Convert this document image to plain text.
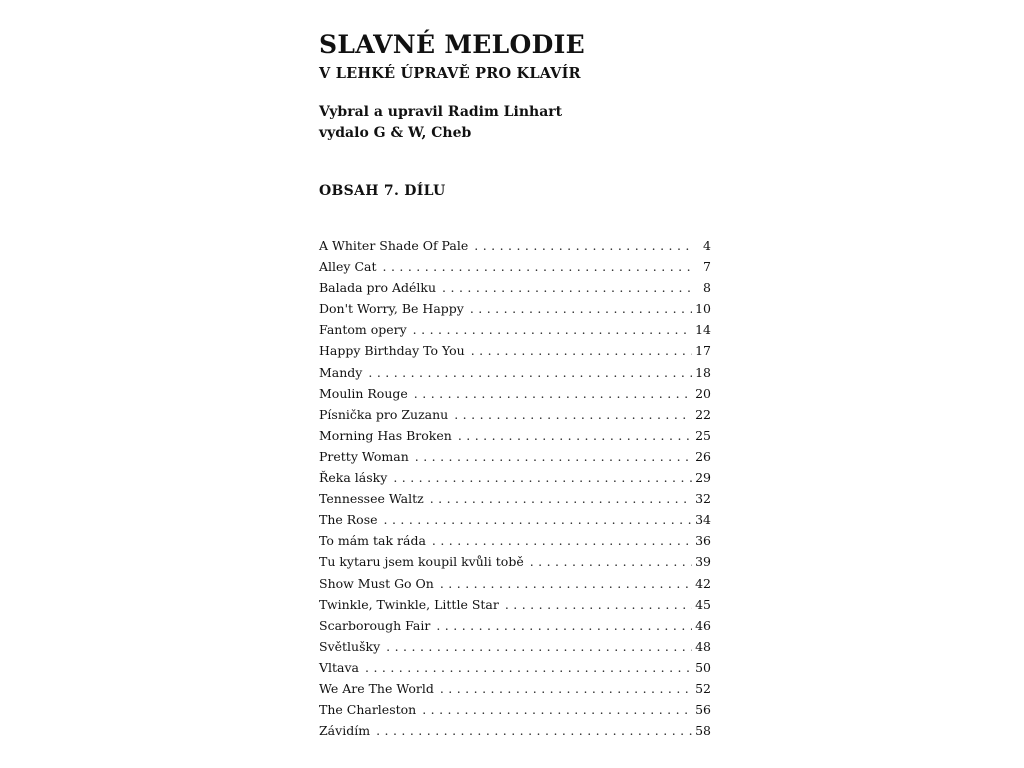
SLAVNÉ MELODIE
V LEHKÉ ÚPRAVĚ PRO KLAVÍR
Vybral a upravil Radim Linhart
vydalo G & W, Cheb
OBSAH 7. DÍLU
A Whiter Shade Of Pale . . .	4
Alley Cat . . .	7
Balada pro Adélku . . .	8
Don't Worry, Be Happy . . .	10
Fantom opery . . .	14
Happy Birthday To You . . .	17
Mandy . . .	18
Moulin Rouge . . .	20
Písnička pro Zuzanu . . .	22
Morning Has Broken . . .	25
Pretty Woman . . .	26
Řeka lásky . . .	29
Tennessee Waltz . . .	32
The Rose . . .	34
To mám tak ráda . . .	36
Tu kytaru jsem koupil kvůli tobě . . .	39
Show Must Go On . . .	42
Twinkle, Twinkle, Little Star . . .	45
Scarborough Fair . . .	46
Světlušky . . .	48
Vltava . . .	50
We Are The World . . .	52
The Charleston . . .	56
Závidím . . .	58
